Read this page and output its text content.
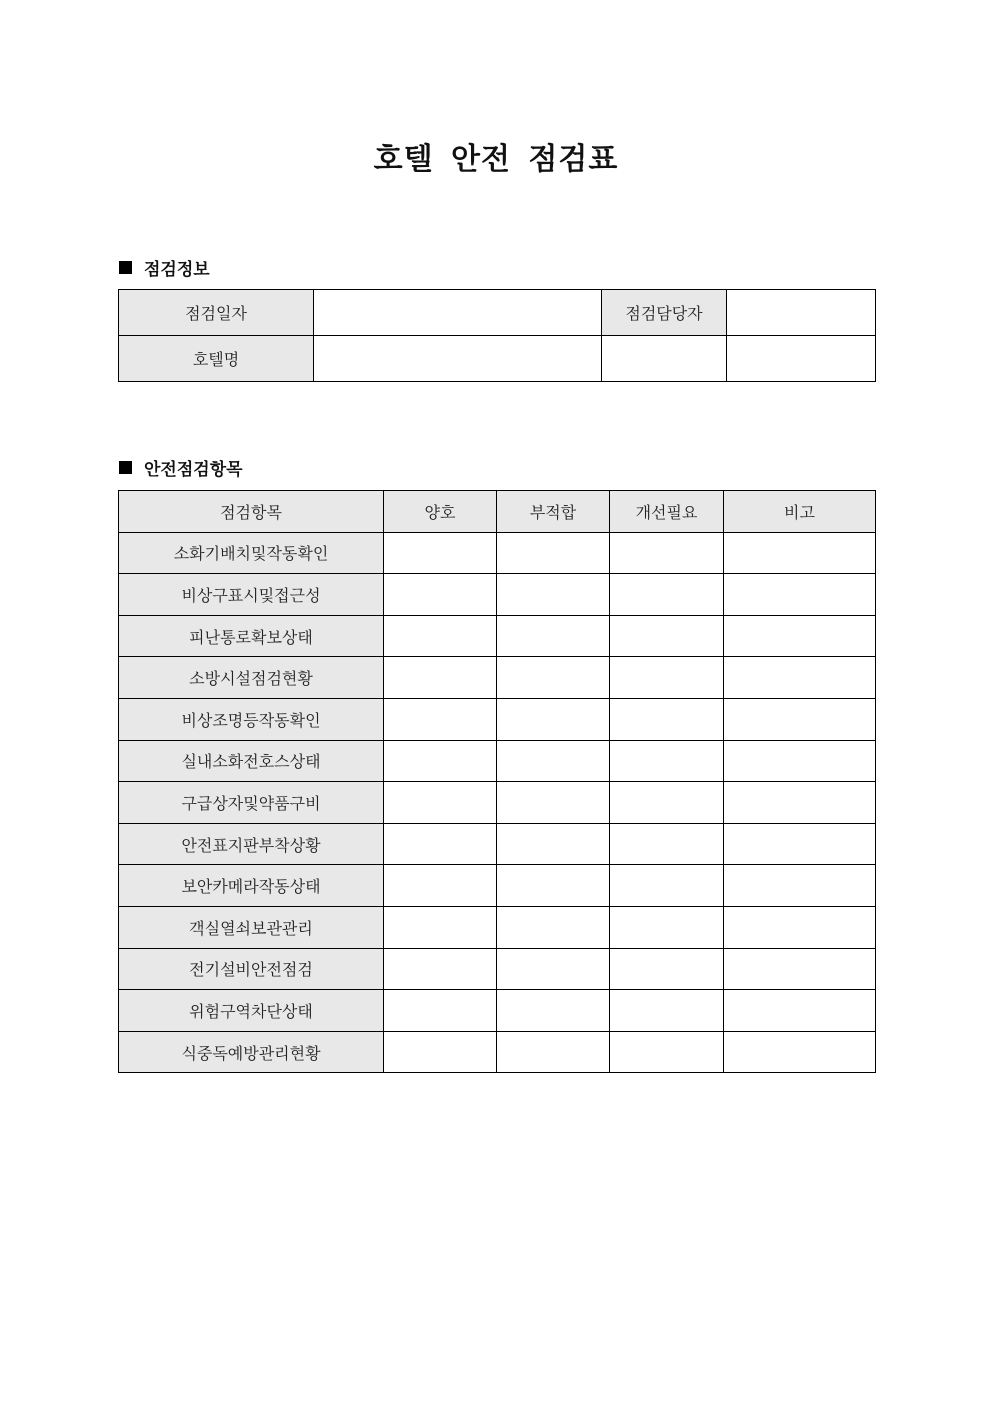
호텔 안전 점검표
점검정보
점검일자		점검담당자	
호텔명			
안전점검항목
점검항목	양호	부적합	개선필요	비고
소화기배치및작동확인				
비상구표시및접근성				
피난통로확보상태				
소방시설점검현황				
비상조명등작동확인				
실내소화전호스상태				
구급상자및약품구비				
안전표지판부착상황				
보안카메라작동상태				
객실열쇠보관관리				
전기설비안전점검				
위험구역차단상태				
식중독예방관리현황				
